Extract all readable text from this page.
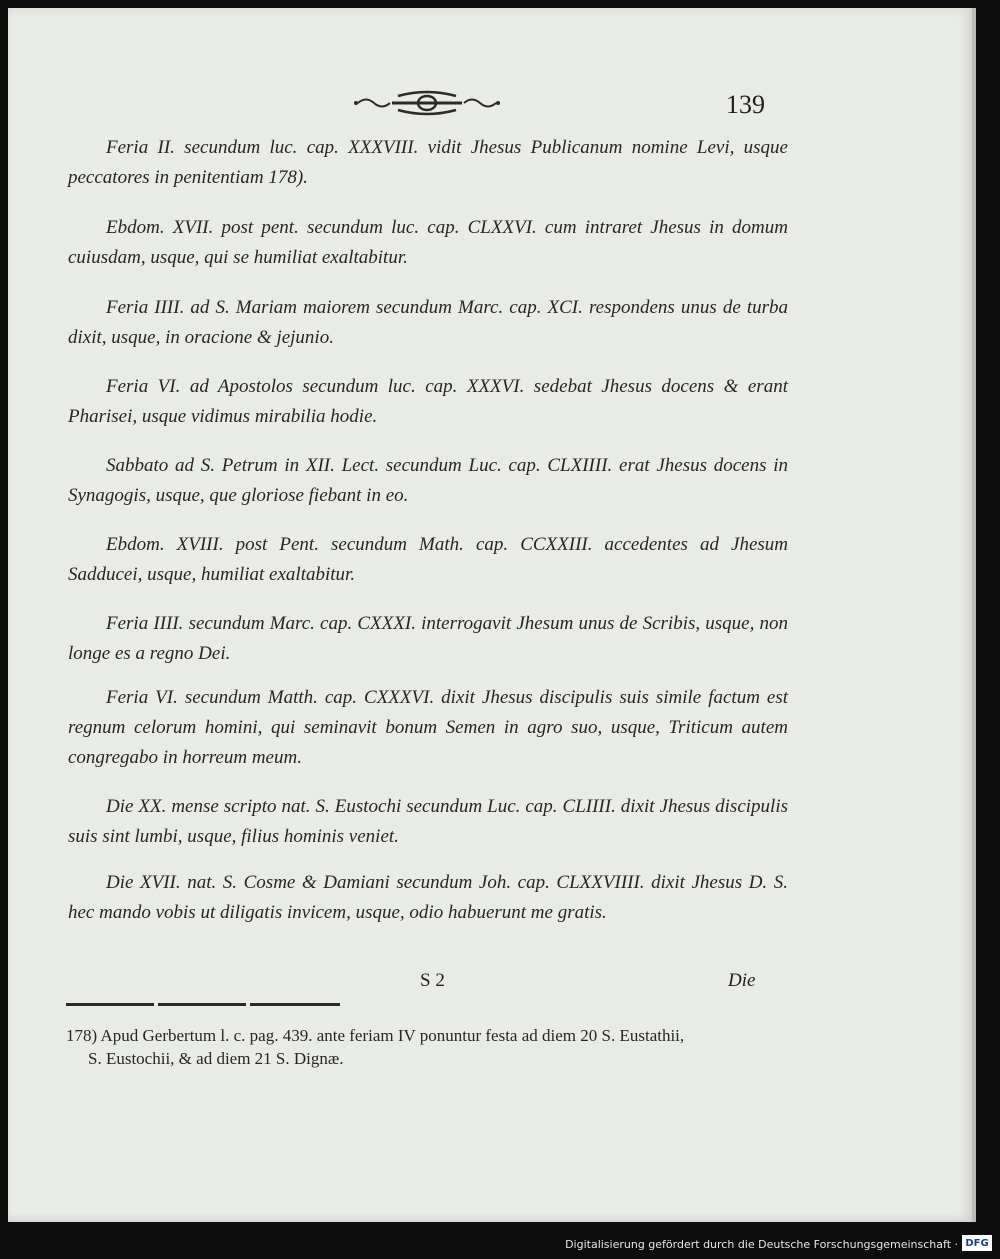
139

Feria II. secundum luc. cap. XXXVIII. vidit Jhesus Publicanum nomine Levi, usque peccatores in penitentiam 178).

Ebdom. XVII. post pent. secundum luc. cap. CLXXVI. cum intraret Jhesus in domum cuiusdam, usque, qui se humiliat exaltabitur.

Feria IIII. ad S. Mariam maiorem secundum Marc. cap. XCI. respondens unus de turba dixit, usque, in oracione & jejunio.

Feria VI. ad Apostolos secundum luc. cap. XXXVI. sedebat Jhesus docens & erant Pharisei, usque vidimus mirabilia hodie.

Sabbato ad S. Petrum in XII. Lect. secundum Luc. cap. CLXIIII. erat Jhesus docens in Synagogis, usque, que gloriose fiebant in eo.

Ebdom. XVIII. post Pent. secundum Math. cap. CCXXIII. accedentes ad Jhesum Sadducei, usque, humiliat exaltabitur.

Feria IIII. secundum Marc. cap. CXXXI. interrogavit Jhesum unus de Scribis, usque, non longe es a regno Dei.

Feria VI. secundum Matth. cap. CXXXVI. dixit Jhesus discipulis suis simile factum est regnum celorum homini, qui seminavit bonum Semen in agro suo, usque, Triticum autem congregabo in horreum meum.

Die XX. mense scripto nat. S. Eustochi secundum Luc. cap. CLIIII. dixit Jhesus discipulis suis sint lumbi, usque, filius hominis veniet.

Die XVII. nat. S. Cosme & Damiani secundum Joh. cap. CLXXVIIII. dixit Jhesus D. S. hec mando vobis ut diligatis invicem, usque, odio habuerunt me gratis.

S 2	Die

178) Apud Gerbertum l. c. pag. 439. ante feriam IV ponuntur festa ad diem 20 S. Eustathii,
S. Eustochii, & ad diem 21 S. Dignæ.

Digitalisierung gefördert durch die Deutsche Forschungsgemeinschaft · DFG
